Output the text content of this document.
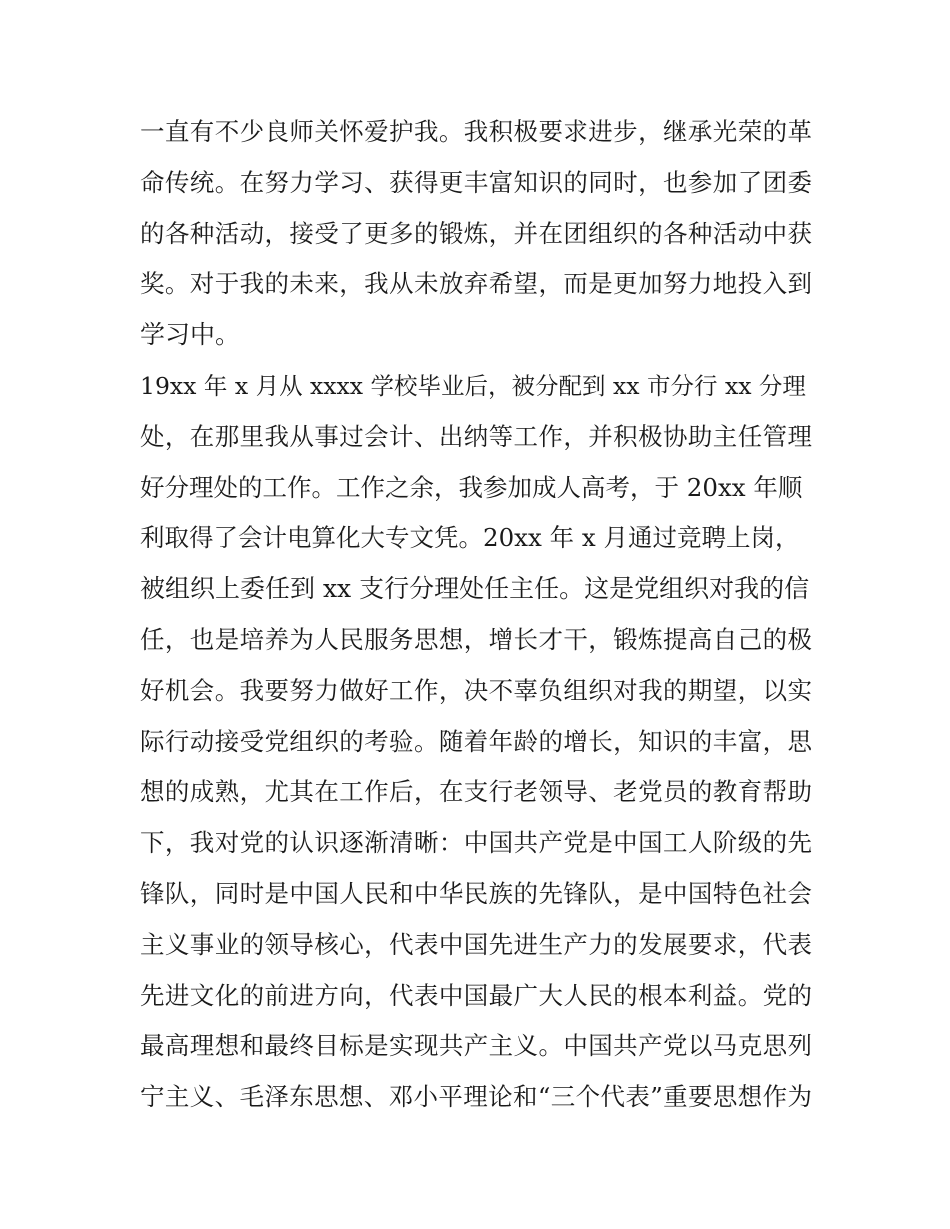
一直有不少良师关怀爱护我。我积极要求进步，继承光荣的革
命传统。在努力学习、获得更丰富知识的同时，也参加了团委
的各种活动，接受了更多的锻炼，并在团组织的各种活动中获
奖。对于我的未来，我从未放弃希望，而是更加努力地投入到
学习中。
19xx 年 x 月从 xxxx 学校毕业后，被分配到 xx 市分行 xx 分理
处，在那里我从事过会计、出纳等工作，并积极协助主任管理
好分理处的工作。工作之余，我参加成人高考，于 20xx 年顺
利取得了会计电算化大专文凭。20xx 年 x 月通过竞聘上岗，
被组织上委任到 xx 支行分理处任主任。这是党组织对我的信
任，也是培养为人民服务思想，增长才干，锻炼提高自己的极
好机会。我要努力做好工作，决不辜负组织对我的期望，以实
际行动接受党组织的考验。随着年龄的增长，知识的丰富，思
想的成熟，尤其在工作后，在支行老领导、老党员的教育帮助
下，我对党的认识逐渐清晰：中国共产党是中国工人阶级的先
锋队，同时是中国人民和中华民族的先锋队，是中国特色社会
主义事业的领导核心，代表中国先进生产力的发展要求，代表
先进文化的前进方向，代表中国最广大人民的根本利益。党的
最高理想和最终目标是实现共产主义。中国共产党以马克思列
宁主义、毛泽东思想、邓小平理论和“三个代表”重要思想作为
